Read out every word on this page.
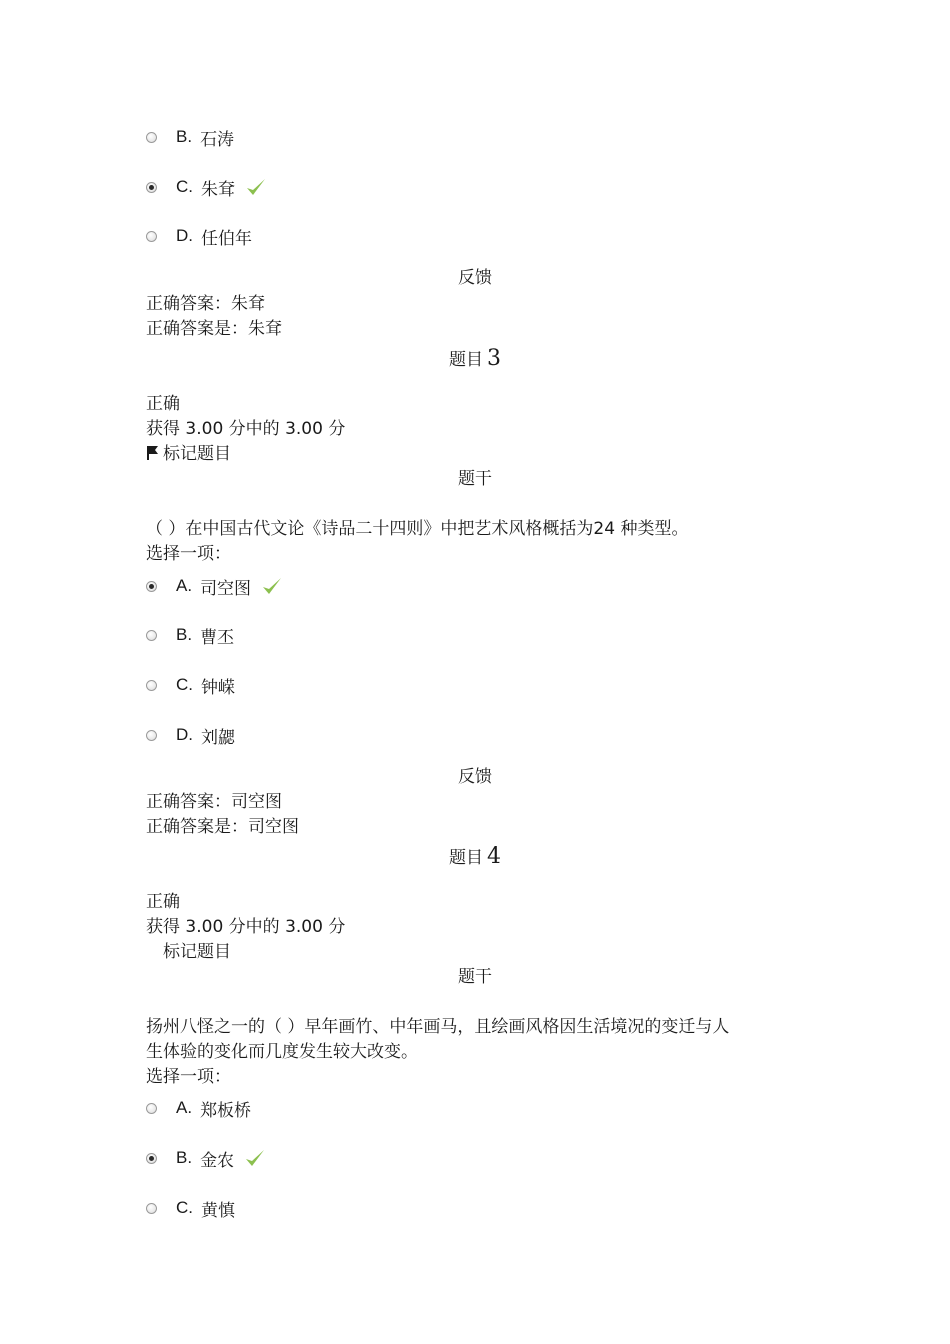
B. 石涛
C. 朱耷
D. 任伯年
反馈
正确答案：朱耷
正确答案是：朱耷
题目 3
正确
获得 3.00 分中的 3.00 分
标记题目
题干
（ ）在中国古代文论《诗品二十四则》中把艺术风格概括为24 种类型。
选择一项：
A. 司空图
B. 曹丕
C. 钟嵘
D. 刘勰
反馈
正确答案：司空图
正确答案是：司空图
题目 4
正确
获得 3.00 分中的 3.00 分
标记题目
题干
扬州八怪之一的（ ）早年画竹、中年画马，且绘画风格因生活境况的变迁与人
生体验的变化而几度发生较大改变。
选择一项：
A. 郑板桥
B. 金农
C. 黄慎
